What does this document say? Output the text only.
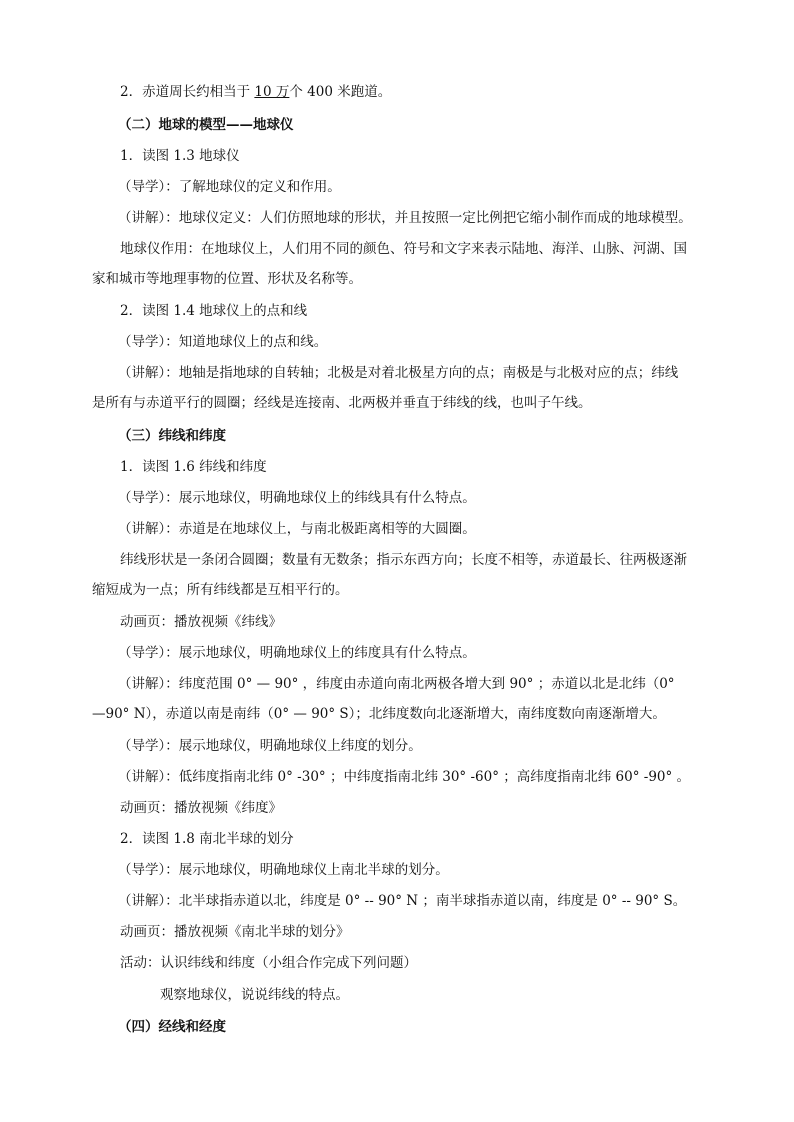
2．赤道周长约相当于 10 万个 400 米跑道。
（二）地球的模型——地球仪
1．读图 1.3 地球仪
（导学）：了解地球仪的定义和作用。
（讲解）：地球仪定义：人们仿照地球的形状，并且按照一定比例把它缩小制作而成的地球模型。
地球仪作用：在地球仪上，人们用不同的颜色、符号和文字来表示陆地、海洋、山脉、河湖、国
家和城市等地理事物的位置、形状及名称等。
2．读图 1.4 地球仪上的点和线
（导学）：知道地球仪上的点和线。
（讲解）：地轴是指地球的自转轴；北极是对着北极星方向的点；南极是与北极对应的点；纬线
是所有与赤道平行的圆圈；经线是连接南、北两极并垂直于纬线的线，也叫子午线。
（三）纬线和纬度
1．读图 1.6 纬线和纬度
（导学）：展示地球仪，明确地球仪上的纬线具有什么特点。
（讲解）：赤道是在地球仪上，与南北极距离相等的大圆圈。
纬线形状是一条闭合圆圈；数量有无数条；指示东西方向；长度不相等，赤道最长、往两极逐渐
缩短成为一点；所有纬线都是互相平行的。
动画页：播放视频《纬线》
（导学）：展示地球仪，明确地球仪上的纬度具有什么特点。
（讲解）：纬度范围 0° — 90° ，纬度由赤道向南北两极各增大到 90° ；赤道以北是北纬（0°
—90° N），赤道以南是南纬（0° — 90° S）；北纬度数向北逐渐增大，南纬度数向南逐渐增大。
（导学）：展示地球仪，明确地球仪上纬度的划分。
（讲解）：低纬度指南北纬 0° -30° ；中纬度指南北纬 30° -60° ；高纬度指南北纬 60° -90° 。
动画页：播放视频《纬度》
2．读图 1.8 南北半球的划分
（导学）：展示地球仪，明确地球仪上南北半球的划分。
（讲解）：北半球指赤道以北，纬度是 0° -- 90° N ；南半球指赤道以南，纬度是 0° -- 90° S。
动画页：播放视频《南北半球的划分》
活动：认识纬线和纬度（小组合作完成下列问题）
观察地球仪，说说纬线的特点。
（四）经线和经度
